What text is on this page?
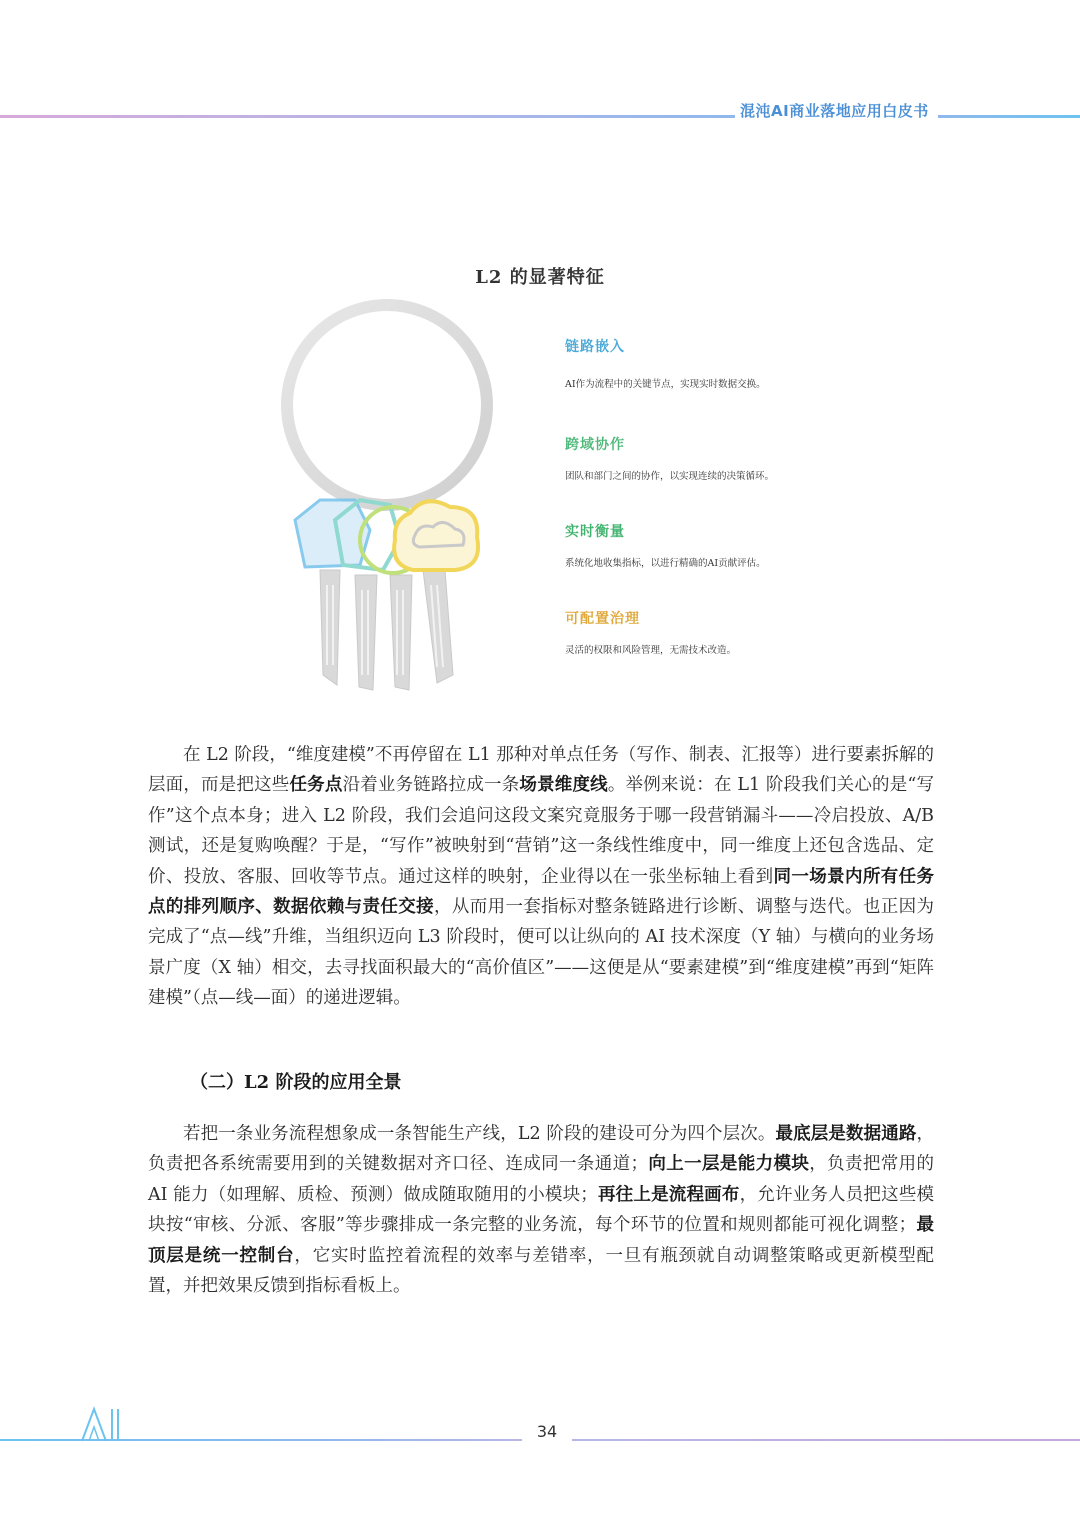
混沌AI商业落地应用白皮书
L2 的显著特征
链路嵌入
AI作为流程中的关键节点，实现实时数据交换。
跨域协作
团队和部门之间的协作，以实现连续的决策循环。
实时衡量
系统化地收集指标，以进行精确的AI贡献评估。
可配置治理
灵活的权限和风险管理，无需技术改造。
在 L2 阶段，“维度建模”不再停留在 L1 那种对单点任务（写作、制表、汇报等）进行要素拆解的层面，而是把这些任务点沿着业务链路拉成一条场景维度线。举例来说：在 L1 阶段我们关心的是“写作”这个点本身；进入 L2 阶段，我们会追问这段文案究竟服务于哪一段营销漏斗——冷启投放、A/B 测试，还是复购唤醒？于是，“写作”被映射到“营销”这一条线性维度中，同一维度上还包含选品、定价、投放、客服、回收等节点。通过这样的映射，企业得以在一张坐标轴上看到同一场景内所有任务点的排列顺序、数据依赖与责任交接，从而用一套指标对整条链路进行诊断、调整与迭代。也正因为完成了“点—线”升维，当组织迈向 L3 阶段时，便可以让纵向的 AI 技术深度（Y 轴）与横向的业务场景广度（X 轴）相交，去寻找面积最大的“高价值区”——这便是从“要素建模”到“维度建模”再到“矩阵建模”（点—线—面）的递进逻辑。
（二）L2 阶段的应用全景
若把一条业务流程想象成一条智能生产线，L2 阶段的建设可分为四个层次。最底层是数据通路，负责把各系统需要用到的关键数据对齐口径、连成同一条通道；向上一层是能力模块，负责把常用的 AI 能力（如理解、质检、预测）做成随取随用的小模块；再往上是流程画布，允许业务人员把这些模块按“审核、分派、客服”等步骤排成一条完整的业务流，每个环节的位置和规则都能可视化调整；最顶层是统一控制台，它实时监控着流程的效率与差错率，一旦有瓶颈就自动调整策略或更新模型配置，并把效果反馈到指标看板上。
AI
34
